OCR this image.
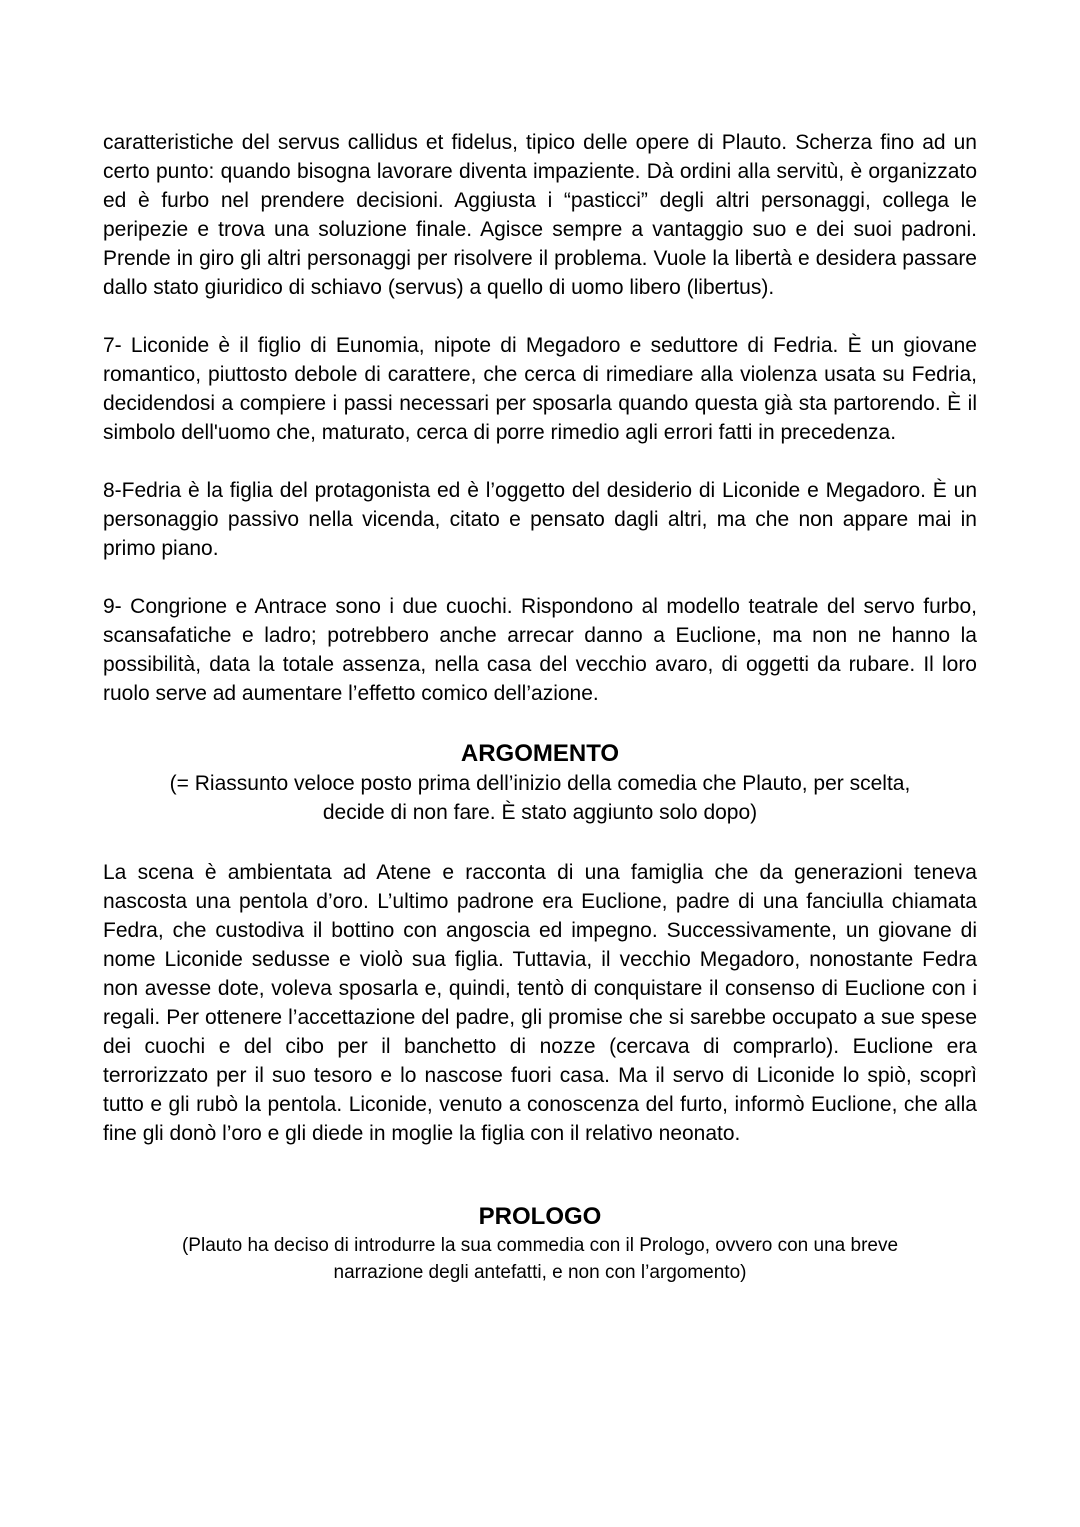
caratteristiche del servus callidus et fidelus, tipico delle opere di Plauto. Scherza fino ad un certo punto: quando bisogna lavorare diventa impaziente. Dà ordini alla servitù, è organizzato ed è furbo nel prendere decisioni. Aggiusta i “pasticci” degli altri personaggi, collega le peripezie e trova una soluzione finale. Agisce sempre a vantaggio suo e dei suoi padroni. Prende in giro gli altri personaggi per risolvere il problema. Vuole la libertà e desidera passare dallo stato giuridico di schiavo (servus) a quello di uomo libero (libertus).

7- Liconide è il figlio di Eunomia, nipote di Megadoro e seduttore di Fedria. È un giovane romantico, piuttosto debole di carattere, che cerca di rimediare alla violenza usata su Fedria, decidendosi a compiere i passi necessari per sposarla quando questa già sta partorendo. È il simbolo dell'uomo che, maturato, cerca di porre rimedio agli errori fatti in precedenza.

8-Fedria è la figlia del protagonista ed è l’oggetto del desiderio di Liconide e Megadoro. È un personaggio passivo nella vicenda, citato e pensato dagli altri, ma che non appare mai in primo piano.

9- Congrione e Antrace sono i due cuochi. Rispondono al modello teatrale del servo furbo, scansafatiche e ladro; potrebbero anche arrecar danno a Euclione, ma non ne hanno la possibilità, data la totale assenza, nella casa del vecchio avaro, di oggetti da rubare. Il loro ruolo serve ad aumentare l’effetto comico dell’azione.

ARGOMENTO

(= Riassunto veloce posto prima dell’inizio della comedia che Plauto, per scelta,

decide di non fare. È stato aggiunto solo dopo)

La scena è ambientata ad Atene e racconta di una famiglia che da generazioni teneva nascosta una pentola d’oro. L’ultimo padrone era Euclione, padre di una fanciulla chiamata Fedra, che custodiva il bottino con angoscia ed impegno. Successivamente, un giovane di nome Liconide sedusse e violò sua figlia. Tuttavia, il vecchio Megadoro, nonostante Fedra non avesse dote, voleva sposarla e, quindi, tentò di conquistare il consenso di Euclione con i regali. Per ottenere l’accettazione del padre, gli promise che si sarebbe occupato a sue spese dei cuochi e del cibo per il banchetto di nozze (cercava di comprarlo). Euclione era terrorizzato per il suo tesoro e lo nascose fuori casa. Ma il servo di Liconide lo spiò, scoprì tutto e gli rubò la pentola. Liconide, venuto a conoscenza del furto, informò Euclione, che alla fine gli donò l’oro e gli diede in moglie la figlia con il relativo neonato.

PROLOGO

(Plauto ha deciso di introdurre la sua commedia con il Prologo, ovvero con una breve

narrazione degli antefatti, e non con l’argomento)
